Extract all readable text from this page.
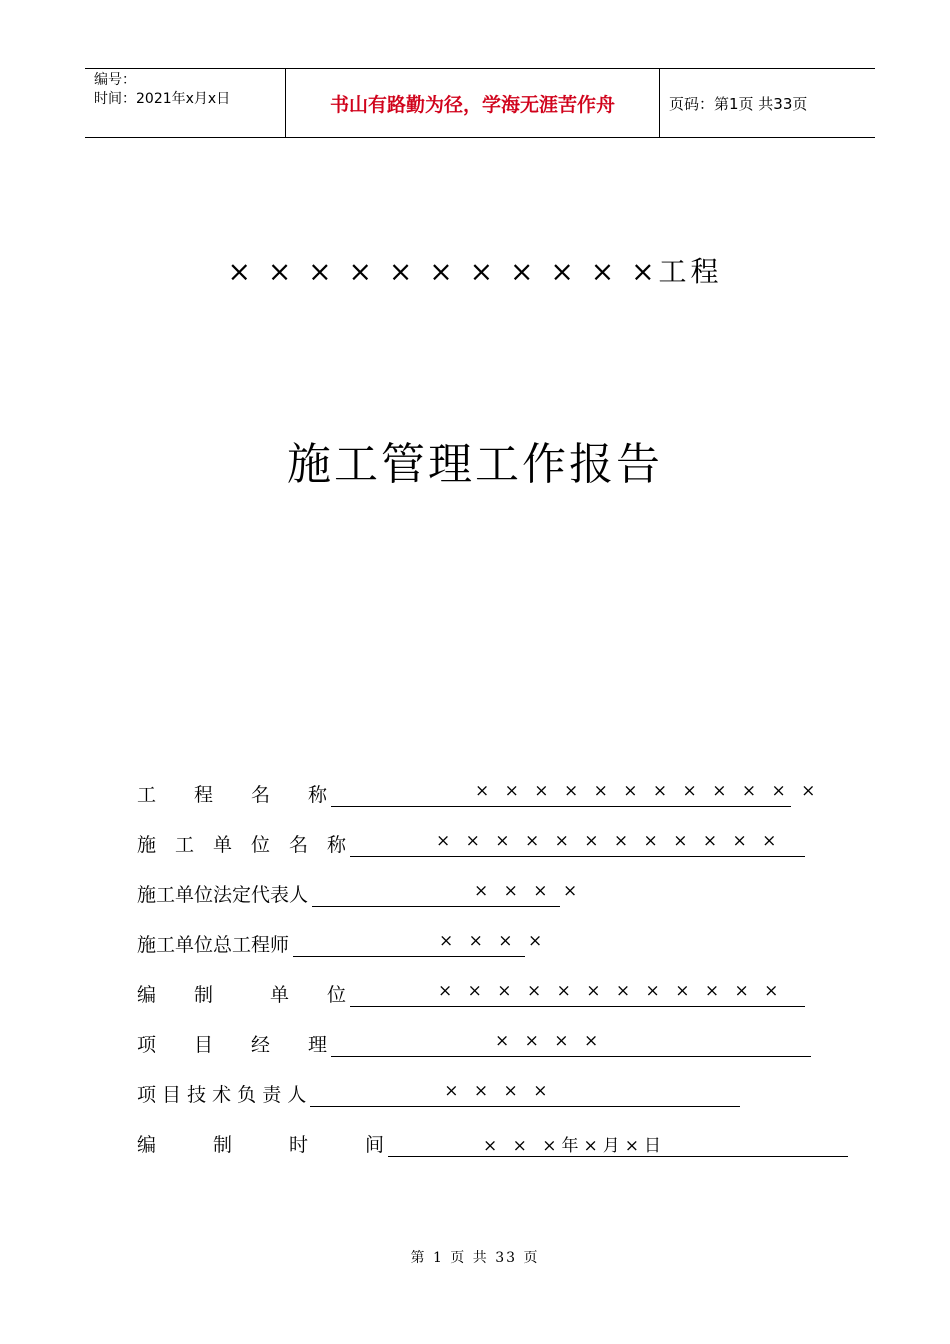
编号：
时间：2021年x月x日	书山有路勤为径，学海无涯苦作舟	页码：第1页 共33页
× × × × × × × × × × ×工程
施工管理工作报告
工　　程　　名　　称	× × × × × × × × × × × ×
施　工　单　位　名　称	× × × × × × × × × × × ×
施工单位法定代表人	× × × ×
施工单位总工程师	× × × ×
编　　制　　　单　　位	× × × × × × × × × × × ×
项　　目　　经　　理	× × × ×
项 目 技 术 负 责 人	× × × ×
编　　　制　　　时　　　间	× × ×年×月×日
第 1 页 共 33 页
